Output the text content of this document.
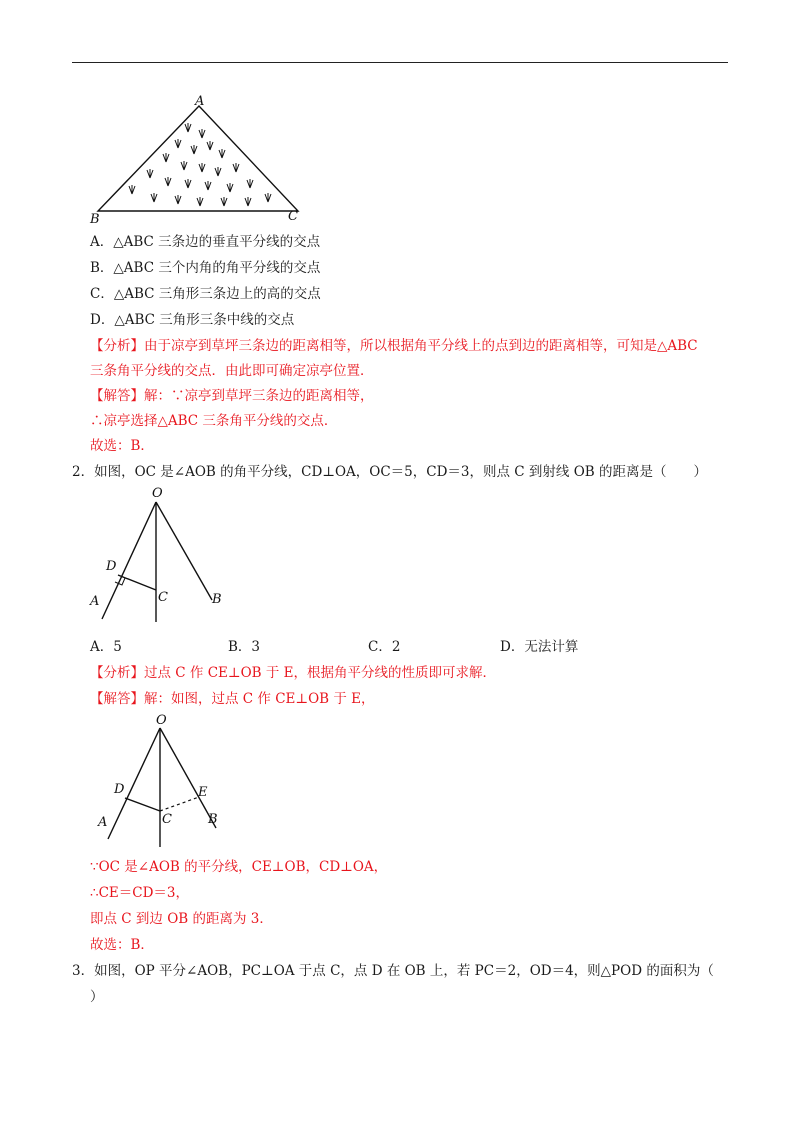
A
B	C
A．△ABC 三条边的垂直平分线的交点
B．△ABC 三个内角的角平分线的交点
C．△ABC 三角形三条边上的高的交点
D．△ABC 三角形三条中线的交点
【分析】由于凉亭到草坪三条边的距离相等，所以根据角平分线上的点到边的距离相等，可知是△ABC
三条角平分线的交点．由此即可确定凉亭位置．
【解答】解：∵凉亭到草坪三条边的距离相等，
∴凉亭选择△ABC 三条角平分线的交点．
故选：B．
2．如图，OC 是∠AOB 的角平分线，CD⊥OA，OC＝5，CD＝3，则点 C 到射线 OB 的距离是（　　）
O
D
A	C	B
A．5	B．3	C．2	D．无法计算
【分析】过点 C 作 CE⊥OB 于 E，根据角平分线的性质即可求解．
【解答】解：如图，过点 C 作 CE⊥OB 于 E，
O
D	E
A	C	B
∵OC 是∠AOB 的平分线，CE⊥OB，CD⊥OA，
∴CE＝CD＝3，
即点 C 到边 OB 的距离为 3．
故选：B．
3．如图，OP 平分∠AOB，PC⊥OA 于点 C，点 D 在 OB 上，若 PC＝2，OD＝4，则△POD 的面积为（
）
